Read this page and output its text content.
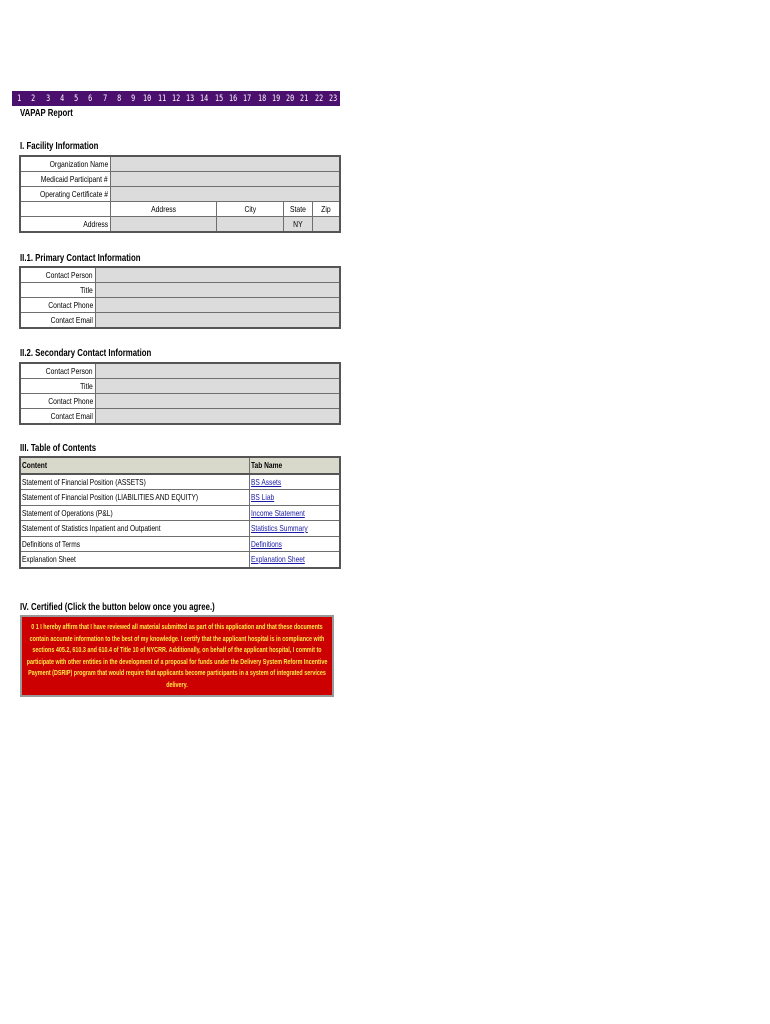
1	2	3	4	5	6	7	8	9 10 11 12 13 14 15 16 17 18 19 20 21 22 23
VAPAP Report
I. Facility Information
Organization Name				
Medicaid Participant #				
Operating Certificate #				
	Address	City	State	Zip
Address			NY	
II.1. Primary Contact Information
Contact Person	
Title	
Contact Phone	
Contact Email	
II.2. Secondary Contact Information
Contact Person	
Title	
Contact Phone	
Contact Email	
III. Table of Contents
Content	Tab Name
Statement of Financial Position (ASSETS)	BS Assets
Statement of Financial Position (LIABILITIES AND EQUITY)	BS Liab
Statement of Operations (P&L)	Income Statement
Statement of Statistics Inpatient and Outpatient	Statistics Summary
Definitions of Terms	Definitions
Explanation Sheet	Explanation Sheet
IV. Certified (Click the button below once you agree.)

0 1 I hereby affirm that I have reviewed all material submitted as part of this application and that these documents

contain accurate information to the best of my knowledge. I certify that the applicant hospital is in compliance with

sections 405.2, 610.3 and 610.4 of Title 10 of NYCRR. Additionally, on behalf of the applicant hospital, I commit to

participate with other entities in the development of a proposal for funds under the Delivery System Reform Incentive

Payment (DSRIP) program that would require that applicants become participants in a system of integrated services

delivery.
